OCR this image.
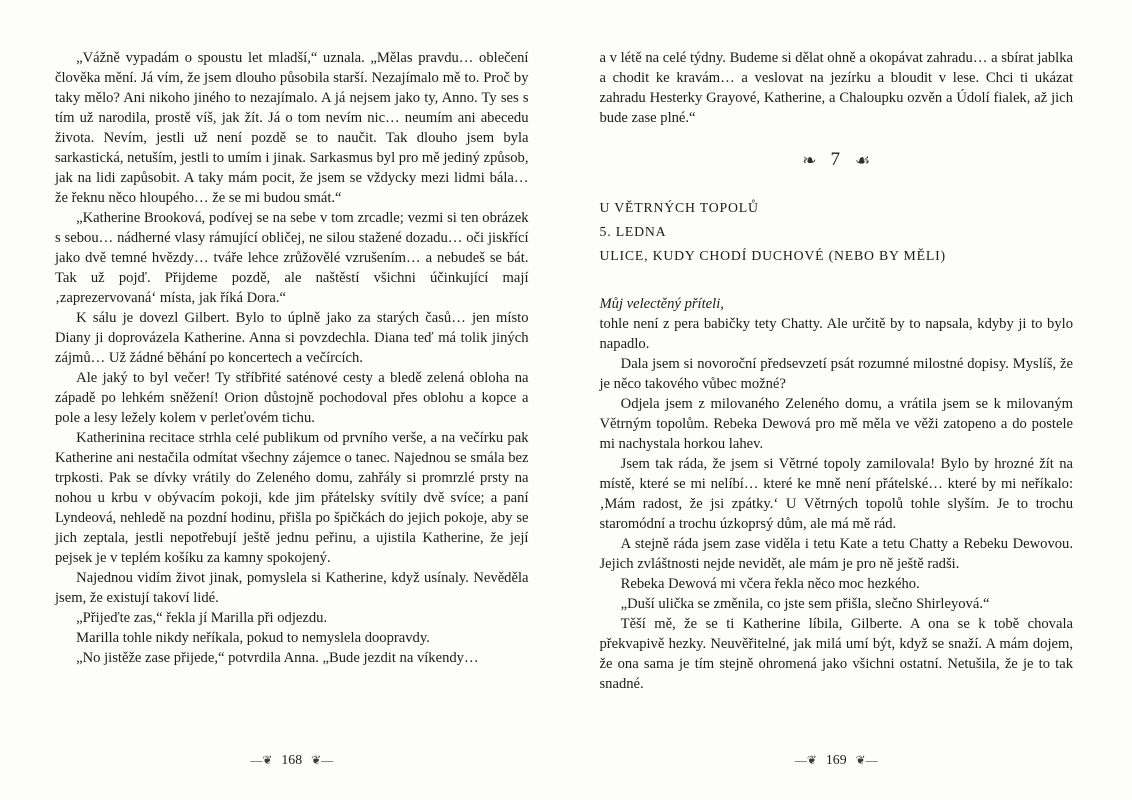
„Vážně vypadám o spoustu let mladší,“ uznala. „Mělas pravdu… oblečení člověka mění. Já vím, že jsem dlouho působila starší. Nezajímalo mě to. Proč by taky mělo? Ani nikoho jiného to nezajímalo. A já nejsem jako ty, Anno. Ty ses s tím už narodila, prostě víš, jak žít. Já o tom nevím nic… neumím ani abecedu života. Nevím, jestli už není pozdě se to naučit. Tak dlouho jsem byla sarkastická, netuším, jestli to umím i jinak. Sarkasmus byl pro mě jediný způsob, jak na lidi zapůsobit. A taky mám pocit, že jsem se vždycky mezi lidmi bála… že řeknu něco hloupého… že se mi budou smát.“

„Katherine Brooková, podívej se na sebe v tom zrcadle; vezmi si ten obrázek s sebou… nádherné vlasy rámující obličej, ne silou stažené dozadu… oči jiskřící jako dvě temné hvězdy… tváře lehce zrůžovělé vzrušením… a nebudeš se bát. Tak už pojď. Přijdeme pozdě, ale naštěstí všichni účinkující mají ‚zaprezervovaná‘ místa, jak říká Dora.“

K sálu je dovezl Gilbert. Bylo to úplně jako za starých časů… jen místo Diany ji doprovázela Katherine. Anna si povzdechla. Diana teď má tolik jiných zájmů… Už žádné běhání po koncertech a večírcích.

Ale jaký to byl večer! Ty stříbřité saténové cesty a bledě zelená obloha na západě po lehkém sněžení! Orion důstojně pochodoval přes oblohu a kopce a pole a lesy ležely kolem v perleťovém tichu.

Katherinina recitace strhla celé publikum od prvního verše, a na večírku pak Katherine ani nestačila odmítat všechny zájemce o tanec. Najednou se smála bez trpkosti. Pak se dívky vrátily do Zeleného domu, zahřály si promrzlé prsty na nohou u krbu v obývacím pokoji, kde jim přátelsky svítily dvě svíce; a paní Lyndeová, nehledě na pozdní hodinu, přišla po špičkách do jejich pokoje, aby se jich zeptala, jestli nepotřebují ještě jednu peřinu, a ujistila Katherine, že její pejsek je v teplém košíku za kamny spokojený.

Najednou vidím život jinak, pomyslela si Katherine, když usínaly. Nevěděla jsem, že existují takoví lidé.

„Přijeďte zas,“ řekla jí Marilla při odjezdu.

Marilla tohle nikdy neříkala, pokud to nemyslela doopravdy.

„No jistěže zase přijede,“ potvrdila Anna. „Bude jezdit na víkendy…

—❦ 168 ❦—

a v létě na celé týdny. Budeme si dělat ohně a okopávat zahradu… a sbírat jablka a chodit ke kravám… a veslovat na jezírku a bloudit v lese. Chci ti ukázat zahradu Hesterky Grayové, Katherine, a Chaloupku ozvěn a Údolí fialek, až jich bude zase plné.“

❧ 7 ☙
U VĚTRNÝCH TOPOLŮ
5. LEDNA
ULICE, KUDY CHODÍ DUCHOVÉ (NEBO BY MĚLI)

Můj velectěný příteli,

tohle není z pera babičky tety Chatty. Ale určitě by to napsala, kdyby ji to bylo napadlo.

Dala jsem si novoroční předsevzetí psát rozumné milostné dopisy. Myslíš, že je něco takového vůbec možné?

Odjela jsem z milovaného Zeleného domu, a vrátila jsem se k milovaným Větrným topolům. Rebeka Dewová pro mě měla ve věži zatopeno a do postele mi nachystala horkou lahev.

Jsem tak ráda, že jsem si Větrné topoly zamilovala! Bylo by hrozné žít na místě, které se mi nelíbí… které ke mně není přátelské… které by mi neříkalo: ‚Mám radost, že jsi zpátky.‘ U Větrných topolů tohle slyším. Je to trochu staromódní a trochu úzkoprsý dům, ale má mě rád.

A stejně ráda jsem zase viděla i tetu Kate a tetu Chatty a Rebeku Dewovou. Jejich zvláštnosti nejde nevidět, ale mám je pro ně ještě radši.

Rebeka Dewová mi včera řekla něco moc hezkého.

„Duší ulička se změnila, co jste sem přišla, slečno Shirleyová.“

Těší mě, že se ti Katherine líbila, Gilberte. A ona se k tobě chovala překvapivě hezky. Neuvěřitelné, jak milá umí být, když se snaží. A mám dojem, že ona sama je tím stejně ohromená jako všichni ostatní. Netušila, že je to tak snadné.

—❦ 169 ❦—
